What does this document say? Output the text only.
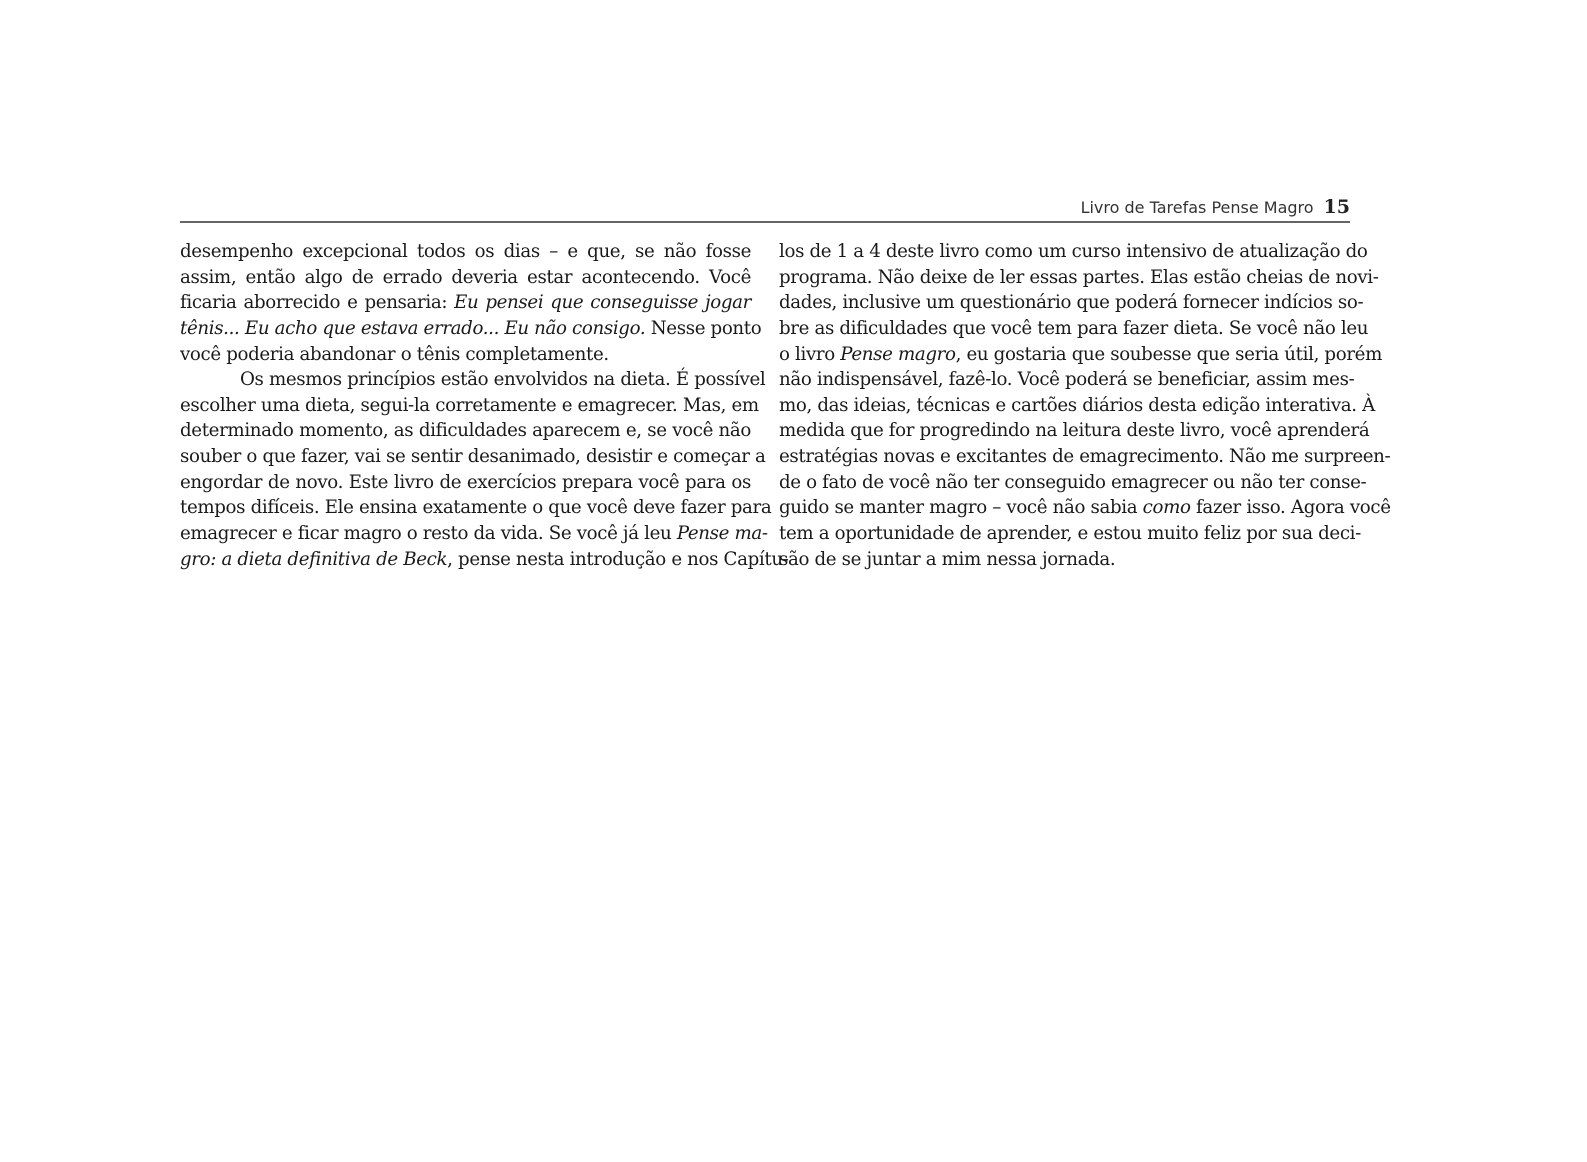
Livro de Tarefas Pense Magro 15
desempenho excepcional todos os dias – e que, se não fosse
assim, então algo de errado deveria estar acontecendo. Você
ficaria aborrecido e pensaria: Eu pensei que conseguisse jogar
tênis... Eu acho que estava errado... Eu não consigo. Nesse ponto
você poderia abandonar o tênis completamente.
Os mesmos princípios estão envolvidos na dieta. É possível
escolher uma dieta, segui-la corretamente e emagrecer. Mas, em
determinado momento, as dificuldades aparecem e, se você não
souber o que fazer, vai se sentir desanimado, desistir e começar a
engordar de novo. Este livro de exercícios prepara você para os
tempos difíceis. Ele ensina exatamente o que você deve fazer para
emagrecer e ficar magro o resto da vida. Se você já leu Pense ma-
gro: a dieta definitiva de Beck, pense nesta introdução e nos Capítu-
los de 1 a 4 deste livro como um curso intensivo de atualização do
programa. Não deixe de ler essas partes. Elas estão cheias de novi-
dades, inclusive um questionário que poderá fornecer indícios so-
bre as dificuldades que você tem para fazer dieta. Se você não leu
o livro Pense magro, eu gostaria que soubesse que seria útil, porém
não indispensável, fazê-lo. Você poderá se beneficiar, assim mes-
mo, das ideias, técnicas e cartões diários desta edição interativa. À
medida que for progredindo na leitura deste livro, você aprenderá
estratégias novas e excitantes de emagrecimento. Não me surpreen-
de o fato de você não ter conseguido emagrecer ou não ter conse-
guido se manter magro – você não sabia como fazer isso. Agora você
tem a oportunidade de aprender, e estou muito feliz por sua deci-
são de se juntar a mim nessa jornada.
